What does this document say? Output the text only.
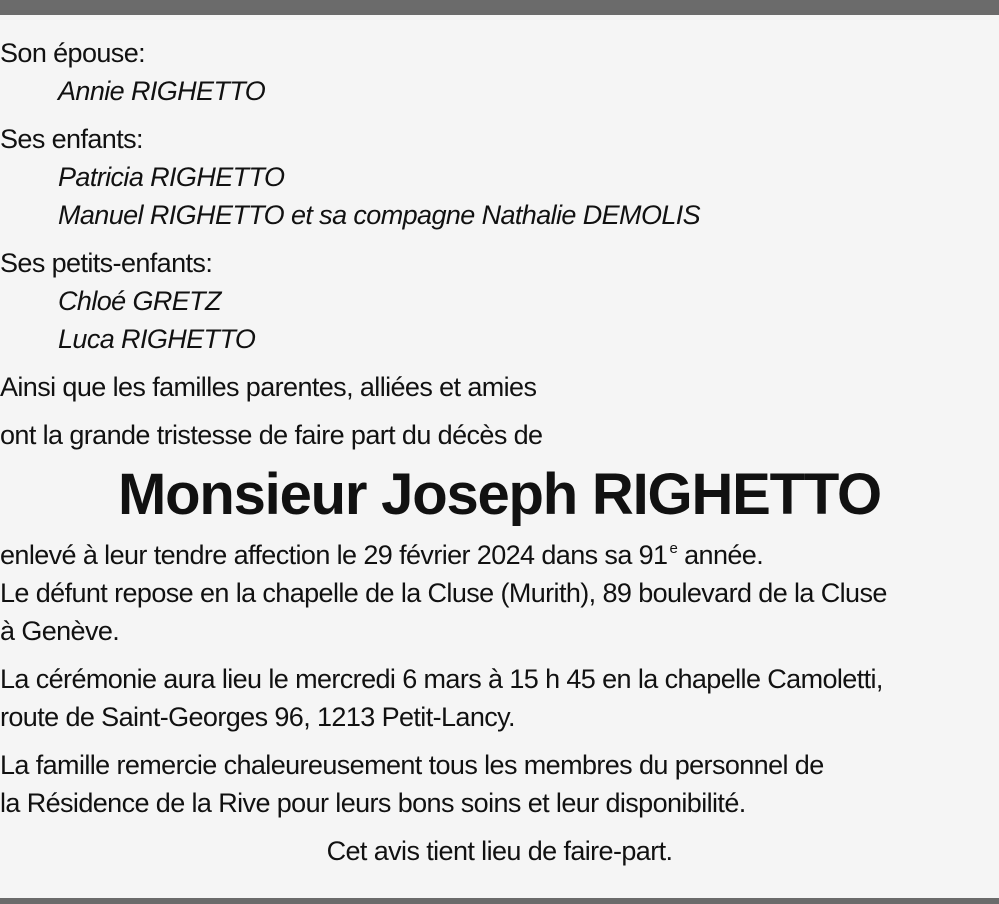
Son épouse:
Annie RIGHETTO
Ses enfants:
Patricia RIGHETTO
Manuel RIGHETTO et sa compagne Nathalie DEMOLIS
Ses petits-enfants:
Chloé GRETZ
Luca RIGHETTO
Ainsi que les familles parentes, alliées et amies
ont la grande tristesse de faire part du décès de
Monsieur Joseph RIGHETTO
enlevé à leur tendre affection le 29 février 2024 dans sa 91 $^e$ année.
Le défunt repose en la chapelle de la Cluse (Murith), 89 boulevard de la Cluse
à Genève.
La cérémonie aura lieu le mercredi 6 mars à 15 h 45 en la chapelle Camoletti,
route de Saint-Georges 96, 1213 Petit-Lancy.
La famille remercie chaleureusement tous les membres du personnel de
la Résidence de la Rive pour leurs bons soins et leur disponibilité.
Cet avis tient lieu de faire-part.
